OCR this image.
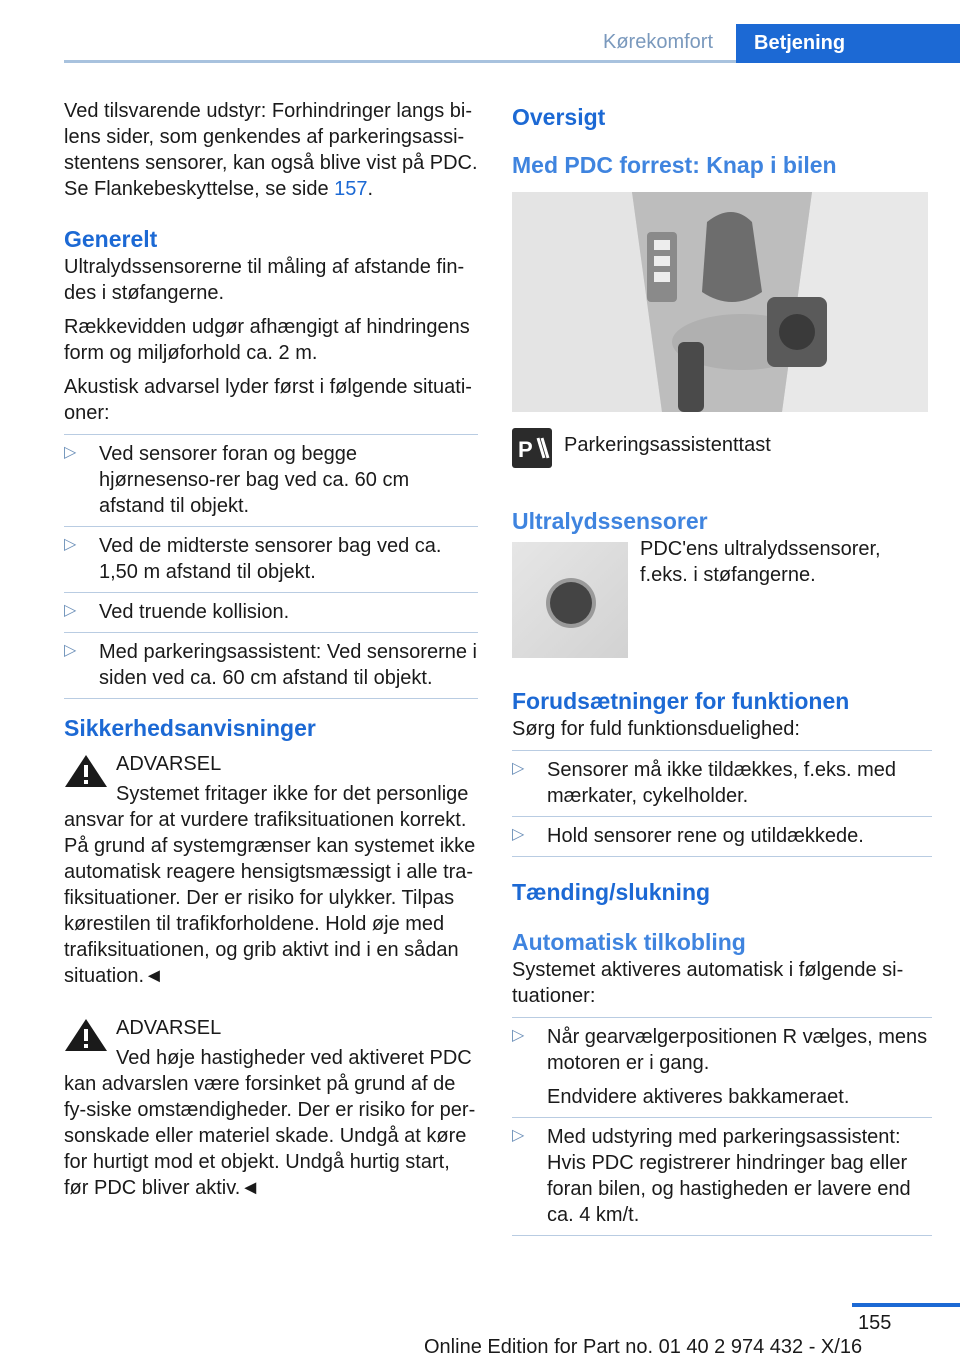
Kørekomfort	Betjening

Ved tilsvarende udstyr: Forhindringer langs bi-lens sider, som genkendes af parkeringsassi-stentens sensorer, kan også blive vist på PDC. Se Flankebeskyttelse, se side 157.

Generelt

Ultralydssensorerne til måling af afstande fin-des i støfangerne.

Rækkevidden udgør afhængigt af hindringens form og miljøforhold ca. 2 m.

Akustisk advarsel lyder først i følgende situati-oner:

▷ Ved sensorer foran og begge hjørnesenso-rer bag ved ca. 60 cm afstand til objekt.
▷ Ved de midterste sensorer bag ved ca. 1,50 m afstand til objekt.
▷ Ved truende kollision.
▷ Med parkeringsassistent: Ved sensorerne i siden ved ca. 60 cm afstand til objekt.
Sikkerhedsanvisninger

ADVARSEL

Systemet fritager ikke for det personlige ansvar for at vurdere trafiksituationen korrekt. På grund af systemgrænser kan systemet ikke automatisk reagere hensigtsmæssigt i alle tra-fiksituationer. Der er risiko for ulykker. Tilpas kørestilen til trafikforholdene. Hold øje med trafiksituationen, og grib aktivt ind i en sådan situation.◄

ADVARSEL

Ved høje hastigheder ved aktiveret PDC kan advarslen være forsinket på grund af de fy-siske omstændigheder. Der er risiko for per-sonskade eller materiel skade. Undgå at køre for hurtigt mod et objekt. Undgå hurtig start, før PDC bliver aktiv.◄

Oversigt
Med PDC forrest: Knap i bilen
P Parkeringsassistenttast
Ultralydssensorer
PDC'ens ultralydssensorer, f.eks. i støfangerne.
Forudsætninger for funktionen

Sørg for fuld funktionsduelighed:

▷ Sensorer må ikke tildækkes, f.eks. med mærkater, cykelholder.
▷ Hold sensorer rene og utildækkede.
Tænding/slukning
Automatisk tilkobling

Systemet aktiveres automatisk i følgende si-tuationer:

▷ Når gearvælgerpositionen R vælges, mens motoren er i gang.
Endvidere aktiveres bakkameraet.
▷ Med udstyring med parkeringsassistent: Hvis PDC registrerer hindringer bag eller foran bilen, og hastigheden er lavere end ca. 4 km/t.
155
Online Edition for Part no. 01 40 2 974 432 - X/16
